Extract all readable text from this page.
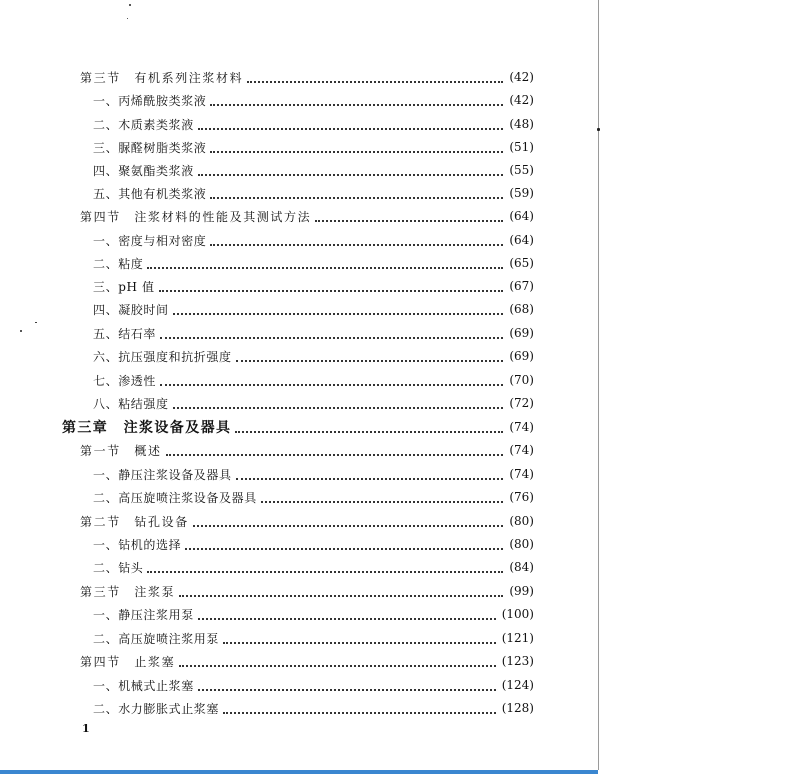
第三节　有机系列注浆材料	(42)
一、丙烯酰胺类浆液	(42)
二、木质素类浆液	(48)
三、脲醛树脂类浆液	(51)
四、聚氨酯类浆液	(55)
五、其他有机类浆液	(59)
第四节　注浆材料的性能及其测试方法	(64)
一、密度与相对密度	(64)
二、粘度	(65)
三、pH 值	(67)
四、凝胶时间	(68)
五、结石率	(69)
六、抗压强度和抗折强度	(69)
七、渗透性	(70)
八、粘结强度	(72)
第三章　注浆设备及器具	(74)
第一节　概述	(74)
一、静压注浆设备及器具	(74)
二、高压旋喷注浆设备及器具	(76)
第二节　钻孔设备	(80)
一、钻机的选择	(80)
二、钻头	(84)
第三节　注浆泵	(99)
一、静压注浆用泵	(100)
二、高压旋喷注浆用泵	(121)
第四节　止浆塞	(123)
一、机械式止浆塞	(124)
二、水力膨胀式止浆塞	(128)
1
